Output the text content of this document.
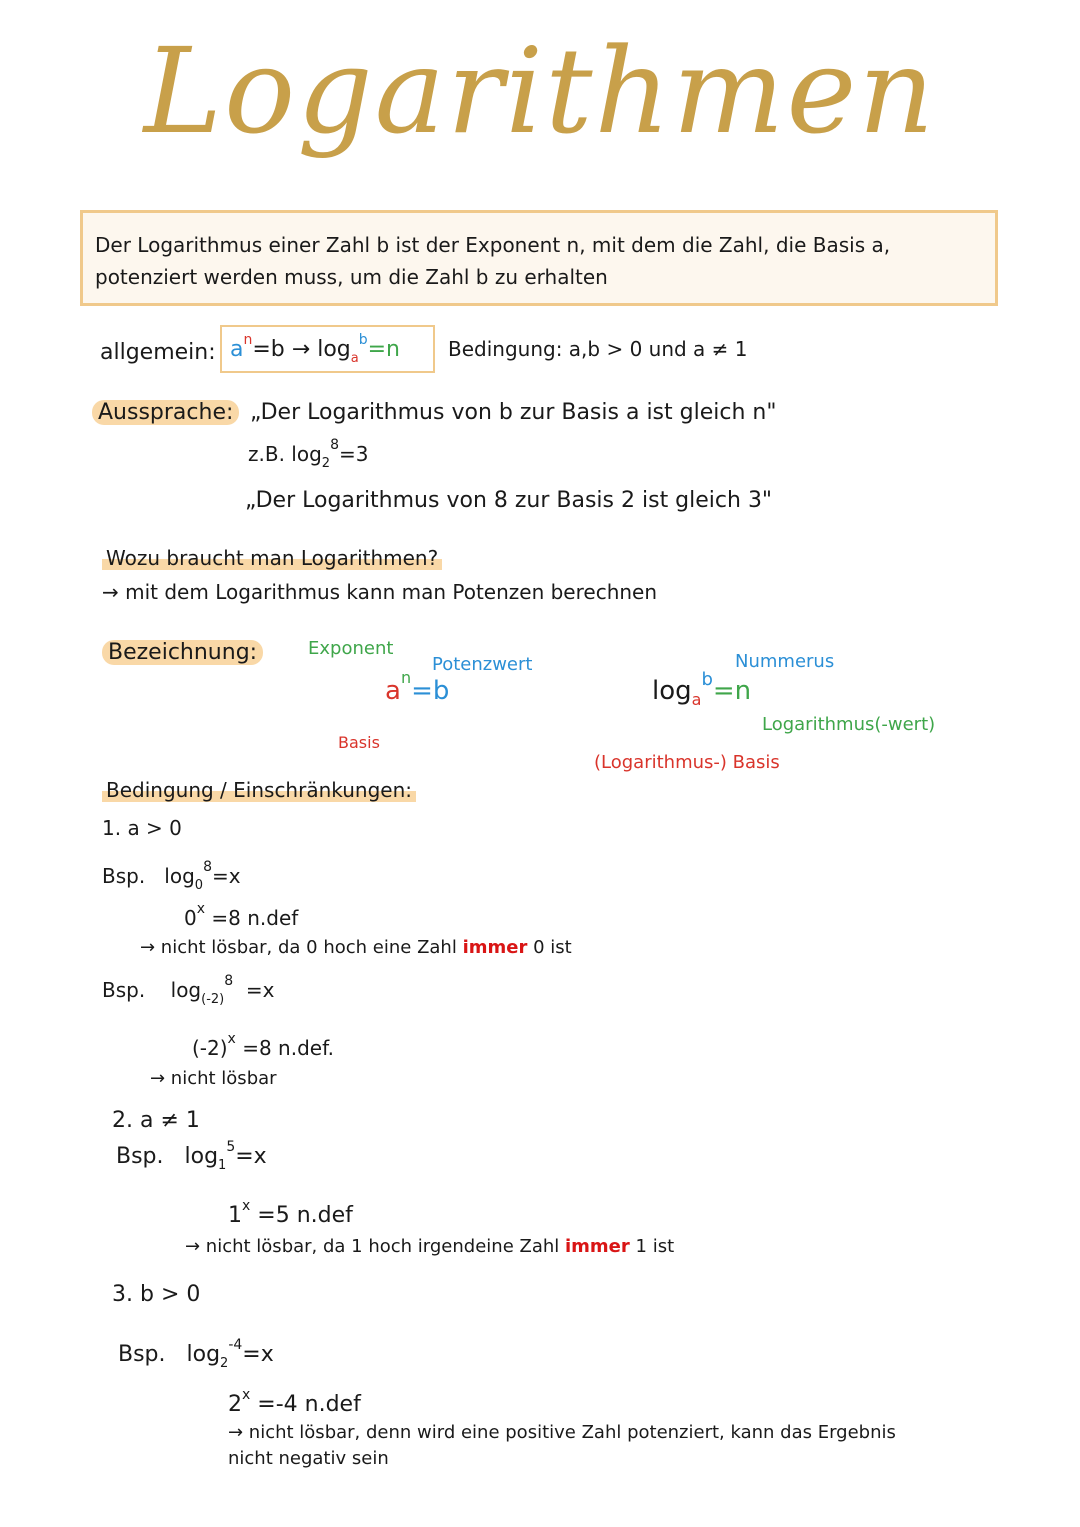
Logarithmen
Der Logarithmus einer Zahl b ist der Exponent n, mit dem die Zahl, die Basis a,
potenziert werden muss, um die Zahl b zu erhalten
allgemein: $a^n=b \to \log_a^b=n$ Bedingung: a,b > 0 und a ≠ 1
Aussprache: „Der Logarithmus von b zur Basis a ist gleich n"
z.B. $\log_2^8=3$
„Der Logarithmus von 8 zur Basis 2 ist gleich 3"
Wozu braucht man Logarithmen?
→ mit dem Logarithmus kann man Potenzen berechnen
Bezeichnung:	Exponent
Potenzwert
$a^n=b$
Basis
Nummerus
$\log_a^b=n$
Logarithmus(-wert)
(Logarithmus-) Basis
Bedingung / Einschränkungen:
1. a > 0
Bsp. $\log_0^8=x$
$0^x =8$ n.def
→ nicht lösbar, da 0 hoch eine Zahl immer 0 ist
Bsp. $\log_{(-2)}^8 =x$
$(-2)^x =8$ n.def.
→ nicht lösbar
2. a ≠ 1
Bsp. $\log_1^5=x$
$1^x =5$ n.def
→ nicht lösbar, da 1 hoch irgendeine Zahl immer 1 ist
3. b > 0
Bsp. $\log_2^{-4}=x$
$2^x =-4$ n.def
→ nicht lösbar, denn wird eine positive Zahl potenziert, kann das Ergebnis
nicht negativ sein
